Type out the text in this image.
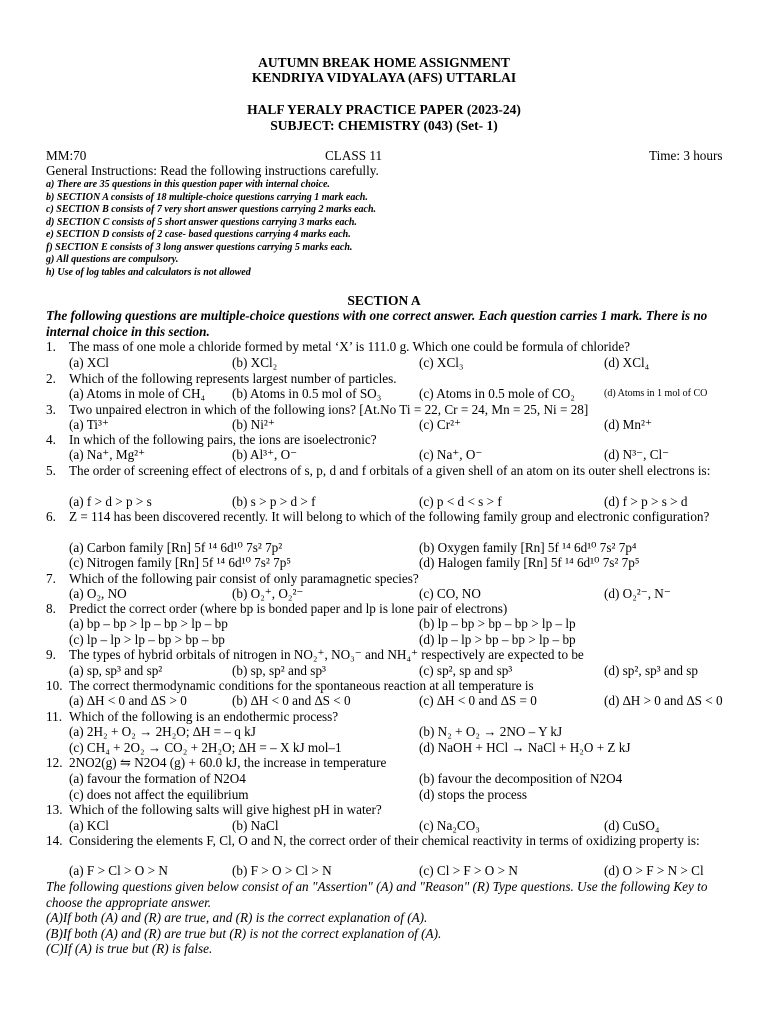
AUTUMN BREAK HOME ASSIGNMENT
KENDRIYA VIDYALAYA (AFS) UTTARLAI
HALF YERALY PRACTICE PAPER (2023-24)
SUBJECT: CHEMISTRY (043) (Set- 1)
MM:70	CLASS 11	Time: 3 hours
General Instructions: Read the following instructions carefully.
a) There are 35 questions in this question paper with internal choice.
b) SECTION A consists of 18 multiple-choice questions carrying 1 mark each.
c) SECTION B consists of 7 very short answer questions carrying 2 marks each.
d) SECTION C consists of 5 short answer questions carrying 3 marks each.
e) SECTION D consists of 2 case- based questions carrying 4 marks each.
f) SECTION E consists of 3 long answer questions carrying 5 marks each.
g) All questions are compulsory.
h) Use of log tables and calculators is not allowed
SECTION A
The following questions are multiple-choice questions with one correct answer. Each question carries 1 mark. There is no internal choice in this section.
1. The mass of one mole a chloride formed by metal ‘X’ is 111.0 g. Which one could be formula of chloride?
(a) XCl	(b) XCl₂	(c) XCl₃	(d) XCl₄
2. Which of the following represents largest number of particles.
(a) Atoms in mole of CH₄ (b) Atoms in 0.5 mol of SO₃	(c) Atoms in 0.5 mole of CO₂	(d) Atoms in 1 mol of CO
3. Two unpaired electron in which of the following ions? [At.No Ti = 22, Cr = 24, Mn = 25, Ni = 28]
(a) Ti³⁺	(b) Ni²⁺	(c) Cr²⁺	(d) Mn²⁺
4. In which of the following pairs, the ions are isoelectronic?
(a) Na⁺, Mg²⁺	(b) Al³⁺, O⁻	(c) Na⁺, O⁻	(d) N³⁻, Cl⁻
5. The order of screening effect of electrons of s, p, d and f orbitals of a given shell of an atom on its outer shell electrons is:
(a) f > d > p > s	(b) s > p > d > f	(c) p < d < s > f	(d) f > p > s > d
6. Z = 114 has been discovered recently. It will belong to which of the following family group and electronic configuration?
(a) Carbon family [Rn] 5f ¹⁴ 6d¹⁰ 7s² 7p²	(b) Oxygen family [Rn] 5f ¹⁴ 6d¹⁰ 7s² 7p⁴
(c) Nitrogen family [Rn] 5f ¹⁴ 6d¹⁰ 7s² 7p⁵	(d) Halogen family [Rn] 5f ¹⁴ 6d¹⁰ 7s² 7p⁵
7. Which of the following pair consist of only paramagnetic species?
(a) O₂, NO	(b) O₂⁺, O₂²⁻	(c) CO, NO	(d) O₂²⁻, N⁻
8. Predict the correct order (where bp is bonded paper and lp is lone pair of electrons)
(a) bp – bp > lp – bp > lp – bp	(b) lp – bp > bp – bp > lp – lp
(c) lp – lp > lp – bp > bp – bp	(d) lp – lp > bp – bp > lp – bp
9. The types of hybrid orbitals of nitrogen in NO₂⁺, NO₃⁻ and NH₄⁺ respectively are expected to be
(a) sp, sp³ and sp²	(b) sp, sp² and sp³	(c) sp², sp and sp³	(d) sp², sp³ and sp
10. The correct thermodynamic conditions for the spontaneous reaction at all temperature is
(a) ∆H < 0 and ∆S > 0	(b) ∆H < 0 and ∆S < 0	(c) ∆H < 0 and ∆S = 0	(d) ∆H > 0 and ∆S < 0
11. Which of the following is an endothermic process?
(a) 2H₂ + O₂ → 2H₂O; ∆H = – q kJ	(b) N₂ + O₂ → 2NO – Y kJ
(c) CH₄ + 2O₂ → CO₂ + 2H₂O; ∆H = – X kJ mol–1	(d) NaOH + HCl → NaCl + H₂O + Z kJ
12. 2NO2(g) ⇋ N2O4 (g) + 60.0 kJ, the increase in temperature
(a) favour the formation of N2O4	(b) favour the decomposition of N2O4
(c) does not affect the equilibrium	(d) stops the process
13. Which of the following salts will give highest pH in water?
(a) KCl	(b) NaCl	(c) Na₂CO₃	(d) CuSO₄
14. Considering the elements F, Cl, O and N, the correct order of their chemical reactivity in terms of oxidizing property is:
(a) F > Cl > O > N	(b) F > O > Cl > N	(c) Cl > F > O > N	(d) O > F > N > Cl
The following questions given below consist of an "Assertion" (A) and "Reason" (R) Type questions. Use the following Key to choose the appropriate answer.
(A)If both (A) and (R) are true, and (R) is the correct explanation of (A).
(B)If both (A) and (R) are true but (R) is not the correct explanation of (A).
(C)If (A) is true but (R) is false.
